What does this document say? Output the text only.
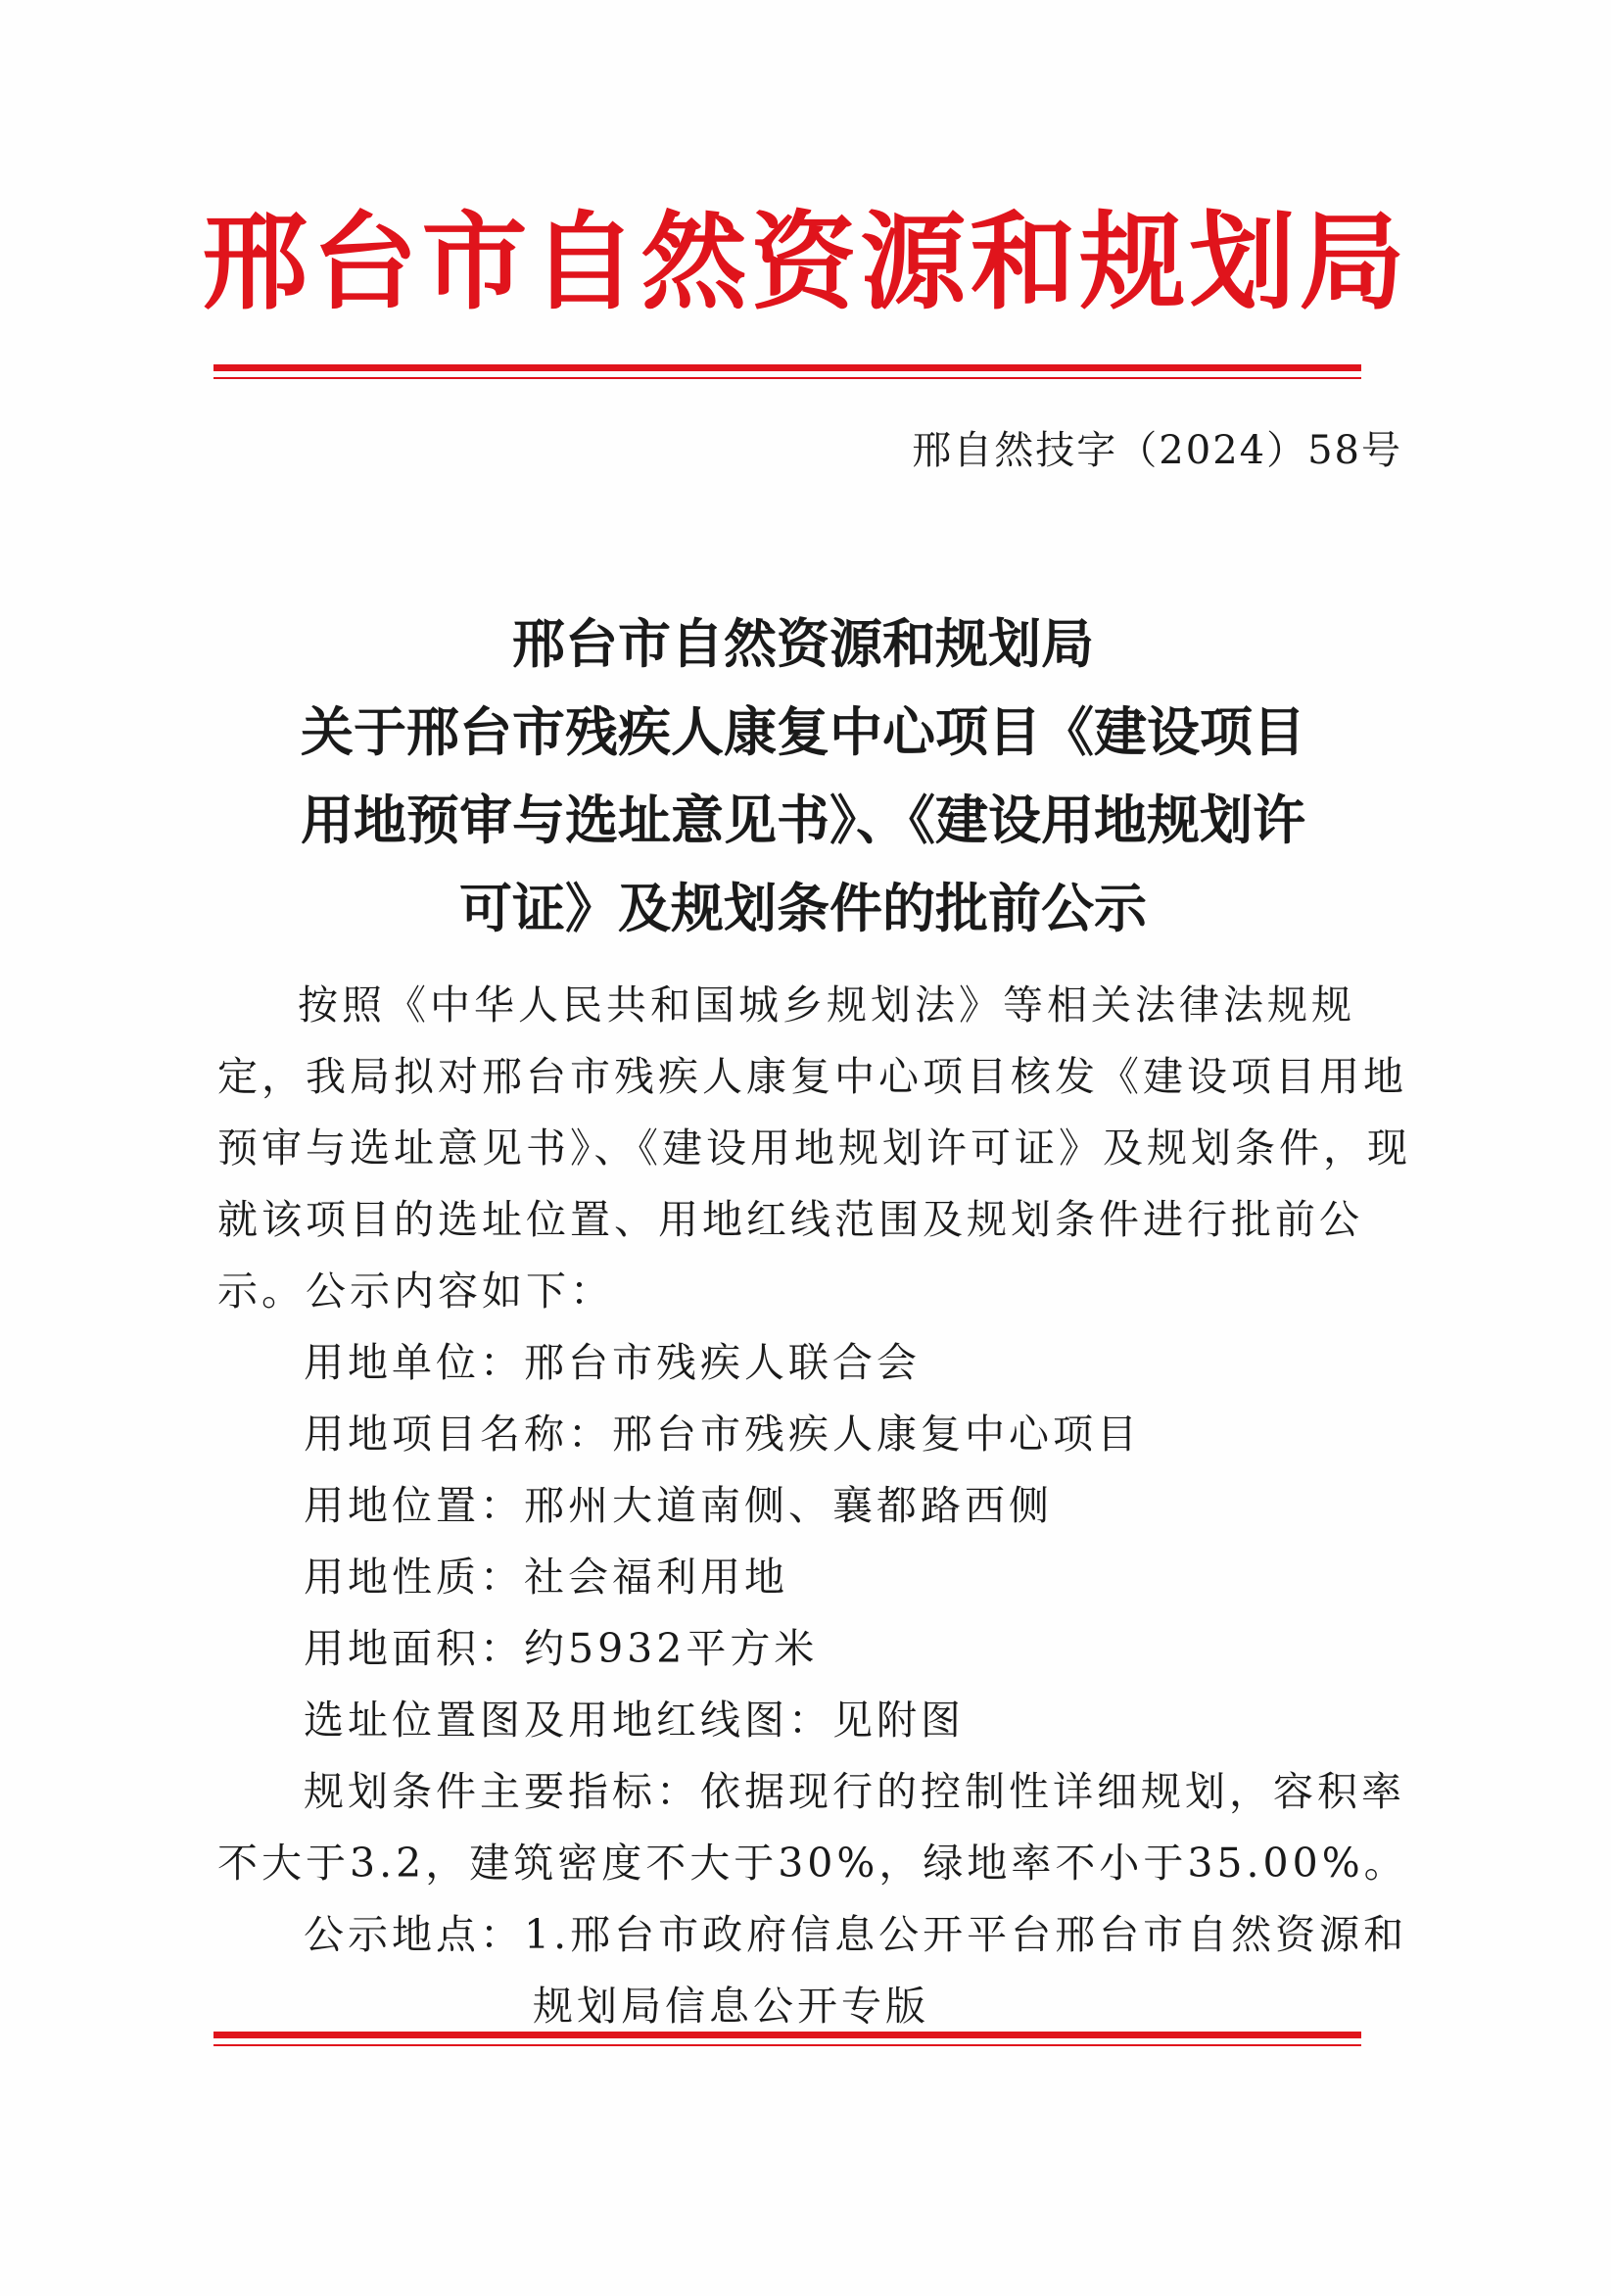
邢台市自然资源和规划局
邢自然技字（2024）58号
邢台市自然资源和规划局
关于邢台市残疾人康复中心项目《建设项目
用地预审与选址意见书》、《建设用地规划许
可证》及规划条件的批前公示

按照《中华人民共和国城乡规划法》等相关法律法规规定，我局拟对邢台市残疾人康复中心项目核发《建设项目用地预审与选址意见书》、《建设用地规划许可证》及规划条件，现就该项目的选址位置、用地红线范围及规划条件进行批前公示。公示内容如下：

用地单位：邢台市残疾人联合会
用地项目名称：邢台市残疾人康复中心项目
用地位置：邢州大道南侧、襄都路西侧
用地性质：社会福利用地
用地面积：约5932平方米
选址位置图及用地红线图：见附图
规划条件主要指标：依据现行的控制性详细规划，容积率不大于3.2，建筑密度不大于30%，绿地率不小于35.00%。
公示地点：1.邢台市政府信息公开平台邢台市自然资源和
规划局信息公开专版
